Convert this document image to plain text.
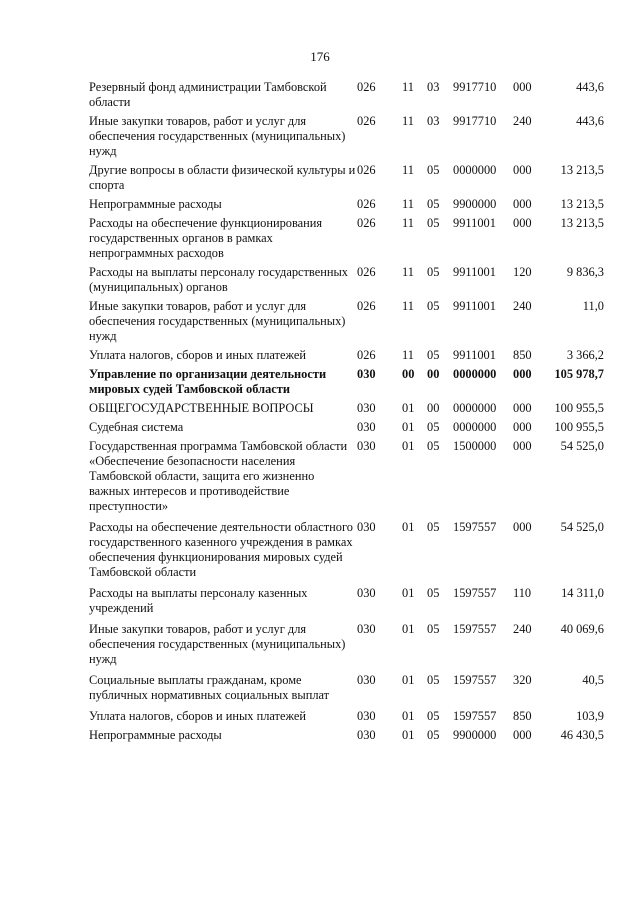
176
Резервный фонд администрации Тамбовской области	026	11	03	9917710	000	443,6

Иные закупки товаров, работ и услуг для обеспечения государственных (муниципальных) нужд	026	11	03	9917710	240	443,6

Другие вопросы в области физической культуры и спорта	026	11	05	0000000	000	13 213,5

Непрограммные расходы	026	11	05	9900000	000	13 213,5

Расходы на обеспечение функционирования государственных органов в рамках непрограммных расходов	026	11	05	9911001	000	13 213,5

Расходы на выплаты персоналу государственных (муниципальных) органов	026	11	05	9911001	120	9 836,3

Иные закупки товаров, работ и услуг для обеспечения государственных (муниципальных) нужд	026	11	05	9911001	240	11,0

Уплата налогов, сборов и иных платежей	026	11	05	9911001	850	3 366,2

Управление по организации деятельности мировых судей Тамбовской области	030	00	00	0000000	000	105 978,7

ОБЩЕГОСУДАРСТВЕННЫЕ ВОПРОСЫ	030	01	00	0000000	000	100 955,5

Судебная система	030	01	05	0000000	000	100 955,5

Государственная программа Тамбовской области «Обеспечение безопасности населения Тамбовской области, защита его жизненно важных интересов и противодействие преступности»	030	01	05	1500000	000	54 525,0

Расходы на обеспечение деятельности областного государственного казенного учреждения в рамках обеспечения функционирования мировых судей Тамбовской области	030	01	05	1597557	000	54 525,0

Расходы на выплаты персоналу казенных учреждений	030	01	05	1597557	110	14 311,0

Иные закупки товаров, работ и услуг для обеспечения государственных (муниципальных) нужд	030	01	05	1597557	240	40 069,6

Социальные выплаты гражданам, кроме публичных нормативных социальных выплат	030	01	05	1597557	320	40,5

Уплата налогов, сборов и иных платежей	030	01	05	1597557	850	103,9

Непрограммные расходы	030	01	05	9900000	000	46 430,5
